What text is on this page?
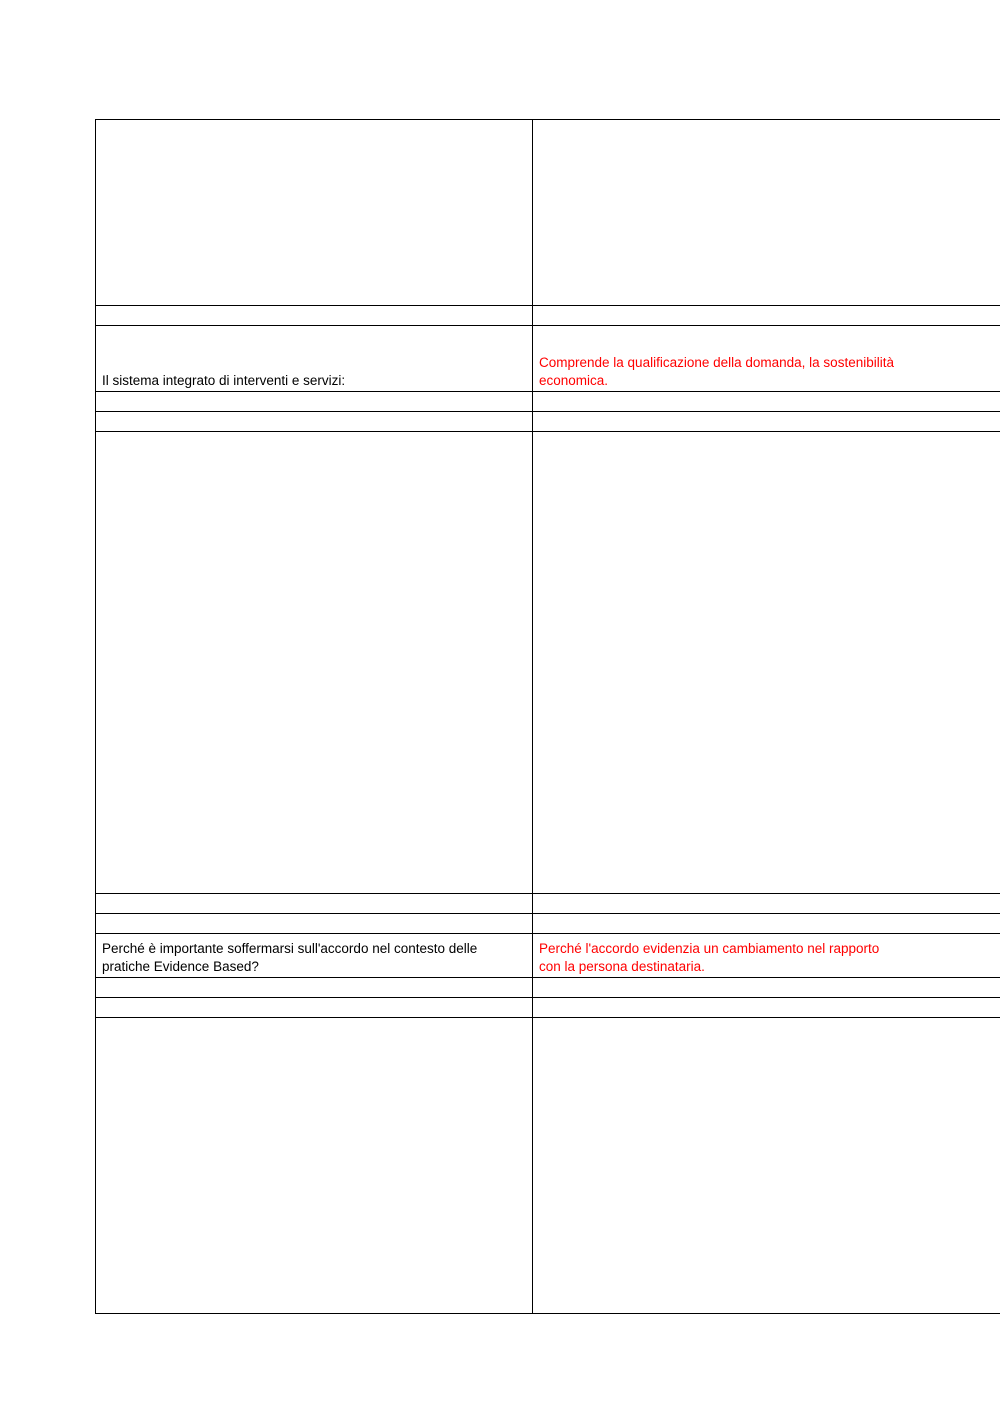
Il sistema integrato di interventi e servizi:	Comprende la qualificazione della domanda, la sostenibilità economica.

Perché è importante soffermarsi sull'accordo nel contesto delle pratiche Evidence Based?	Perché l'accordo evidenzia un cambiamento nel rapporto con la persona destinataria.
